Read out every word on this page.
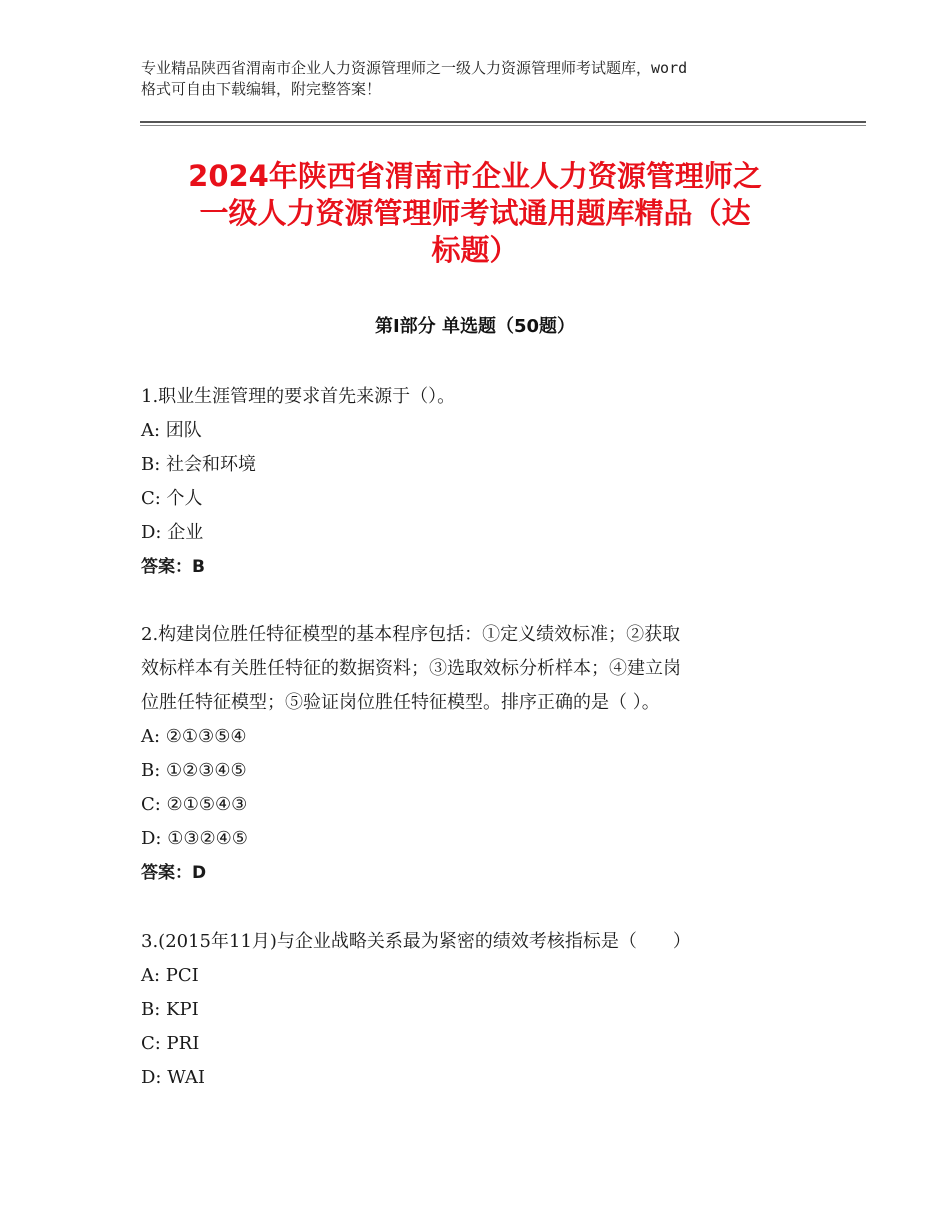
专业精品陕西省渭南市企业人力资源管理师之一级人力资源管理师考试题库，word
格式可自由下载编辑，附完整答案！
2024年陕西省渭南市企业人力资源管理师之
一级人力资源管理师考试通用题库精品（达
标题）
第Ⅰ部分 单选题（50题）
1.职业生涯管理的要求首先来源于（）。
A: 团队
B: 社会和环境
C: 个人
D: 企业
答案：B
2.构建岗位胜任特征模型的基本程序包括：①定义绩效标准；②获取
效标样本有关胜任特征的数据资料；③选取效标分析样本；④建立岗
位胜任特征模型；⑤验证岗位胜任特征模型。排序正确的是（ ）。
A: ②①③⑤④
B: ①②③④⑤
C: ②①⑤④③
D: ①③②④⑤
答案：D
3.(2015年11月)与企业战略关系最为紧密的绩效考核指标是（　　）
A: PCI
B: KPI
C: PRI
D: WAI
